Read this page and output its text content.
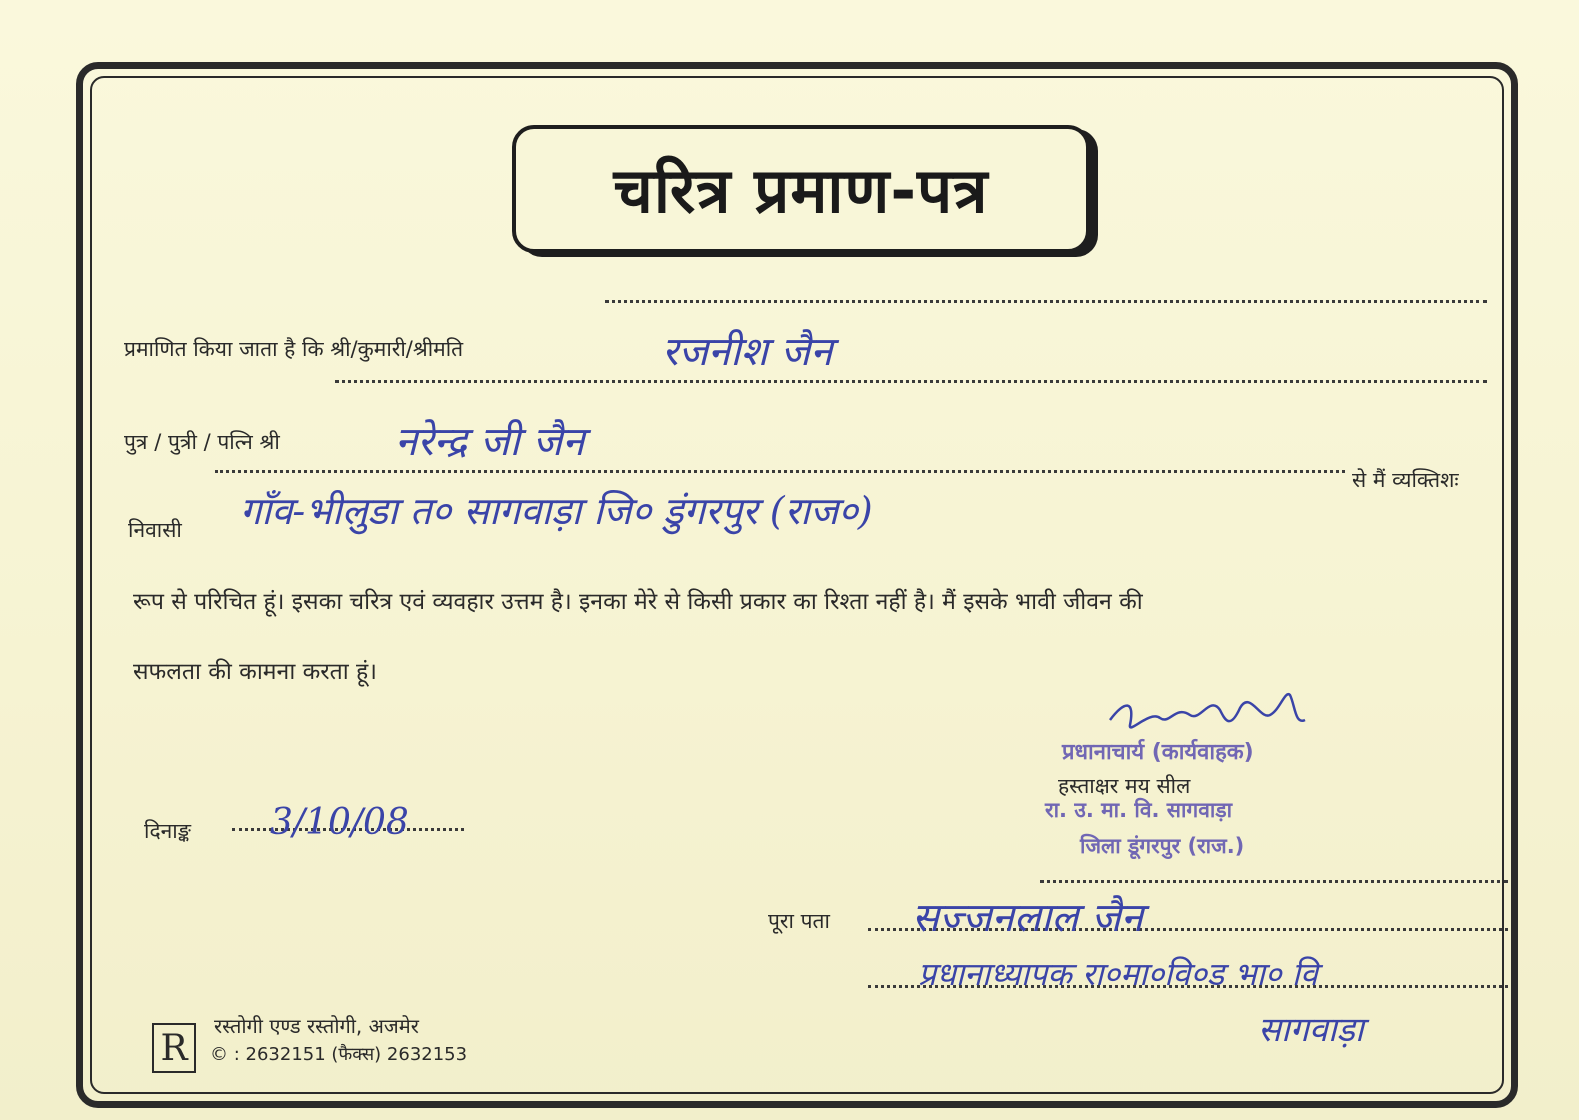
चरित्र प्रमाण-पत्र
प्रमाणित किया जाता है कि श्री/कुमारी/श्रीमति	रजनीश जैन
पुत्र / पुत्री / पत्नि श्री	नरेन्द्र जी जैन
निवासी गाँव-भीलुडा त० सागवाड़ा जि० डुंगरपुर (राज०)
से मैं व्यक्तिशः
रूप से परिचित हूं। इसका चरित्र एवं व्यवहार उत्तम है। इनका मेरे से किसी प्रकार का रिश्ता नहीं है। मैं इसके भावी जीवन की
सफलता की कामना करता हूं।
प्रधानाचार्य (कार्यवाहक)
हस्ताक्षर मय सील
रा. उ. मा. वि. सागवाड़ा
जिला डूंगरपुर (राज.)
दिनाङ्क 3/10/08
पूरा पता सज्जनलाल जैन
प्रधानाध्यापक रा०मा०वि०ड भा० वि
सागवाड़ा
R
रस्तोगी एण्ड रस्तोगी, अजमेर
© : 2632151 (फैक्स) 2632153
